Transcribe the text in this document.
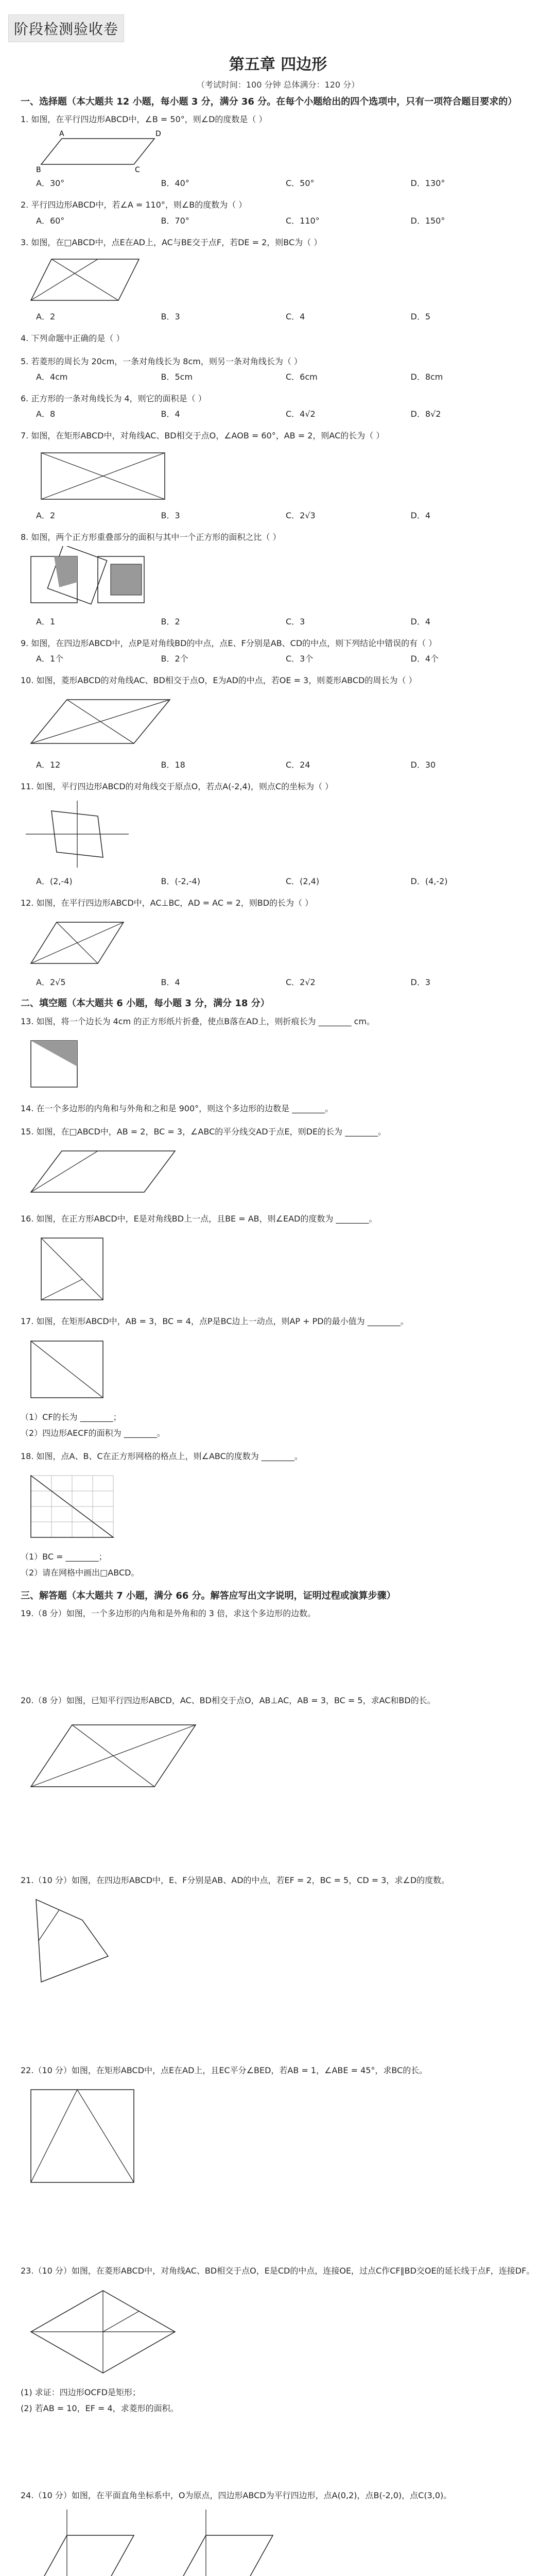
阶段检测验收卷
第五章 四边形
（考试时间：100 分钟 总体满分：120 分）
一、选择题（本大题共 12 小题，每小题 3 分，满分 36 分。在每个小题给出的四个选项中，只有一项符合题目要求的）
1. 如图，在平行四边形ABCD中，∠B = 50°，则∠D的度数是（ ）
B
A	D
C
A．30°	B．40°	C．50°	D．130°
2. 平行四边形ABCD中，若∠A = 110°，则∠B的度数为（ ）
A．60°	B．70°	C．110°	D．150°
3. 如图，在□ABCD中，点E在AD上，AC与BE交于点F，若DE = 2，则BC为（ ）
A．2	B．3	C．4	D．5
4. 下列命题中正确的是（ ）
5. 若菱形的周长为 20cm，一条对角线长为 8cm，则另一条对角线长为（ ）
A．4cm	B．5cm	C．6cm	D．8cm
6. 正方形的一条对角线长为 4，则它的面积是（ ）
A．8	B．4	C．4√2	D．8√2
7. 如图，在矩形ABCD中，对角线AC、BD相交于点O，∠AOB = 60°，AB = 2，则AC的长为（ ）
A．2	B．3	C．2√3	D．4
8. 如图，两个正方形重叠部分的面积与其中一个正方形的面积之比（ ）
A．1	B．2	C．3	D．4
9. 如图，在四边形ABCD中，点P是对角线BD的中点，点E、F分别是AB、CD的中点，则下列结论中错误的有（ ）
A．1个	B．2个	C．3个	D．4个
10. 如图，菱形ABCD的对角线AC、BD相交于点O，E为AD的中点，若OE = 3，则菱形ABCD的周长为（ ）
A．12	B．18	C．24	D．30
11. 如图，平行四边形ABCD的对角线交于原点O，若点A(-2,4)，则点C的坐标为（ ）
A．(2,-4)	B．(-2,-4)	C．(2,4)	D．(4,-2)
12. 如图，在平行四边形ABCD中，AC⊥BC，AD = AC = 2，则BD的长为（ ）
A．2√5	B．4	C．2√2	D．3
二、填空题（本大题共 6 小题，每小题 3 分，满分 18 分）
13. 如图，将一个边长为 4cm 的正方形纸片折叠，使点B落在AD上，则折痕长为 ________ cm。
14. 在一个多边形的内角和与外角和之和是 900°，则这个多边形的边数是 ________。
15. 如图，在□ABCD中，AB = 2，BC = 3，∠ABC的平分线交AD于点E，则DE的长为 ________。
16. 如图，在正方形ABCD中，E是对角线BD上一点，且BE = AB，则∠EAD的度数为 ________。
17. 如图，在矩形ABCD中，AB = 3，BC = 4，点P是BC边上一动点，则AP + PD的最小值为 ________。
（1）CF的长为 ________；
（2）四边形AECF的面积为 ________。
18. 如图，点A、B、C在正方形网格的格点上，则∠ABC的度数为 ________。
（1）BC = ________；
（2）请在网格中画出□ABCD。
三、解答题（本大题共 7 小题，满分 66 分。解答应写出文字说明，证明过程或演算步骤）
19.（8 分）如图，一个多边形的内角和是外角和的 3 倍，求这个多边形的边数。
20.（8 分）如图，已知平行四边形ABCD，AC、BD相交于点O，AB⊥AC，AB = 3，BC = 5，求AC和BD的长。
21.（10 分）如图，在四边形ABCD中，E、F分别是AB、AD的中点，若EF = 2，BC = 5，CD = 3，求∠D的度数。
22.（10 分）如图，在矩形ABCD中，点E在AD上，且EC平分∠BED，若AB = 1，∠ABE = 45°，求BC的长。
23.（10 分）如图，在菱形ABCD中，对角线AC、BD相交于点O，E是CD的中点，连接OE，过点C作CF∥BD交OE的延长线于点F，连接DF。
(1) 求证：四边形OCFD是矩形；
(2) 若AB = 10，EF = 4，求菱形的面积。
24.（10 分）如图，在平面直角坐标系中，O为原点，四边形ABCD为平行四边形，点A(0,2)，点B(-2,0)，点C(3,0)。
